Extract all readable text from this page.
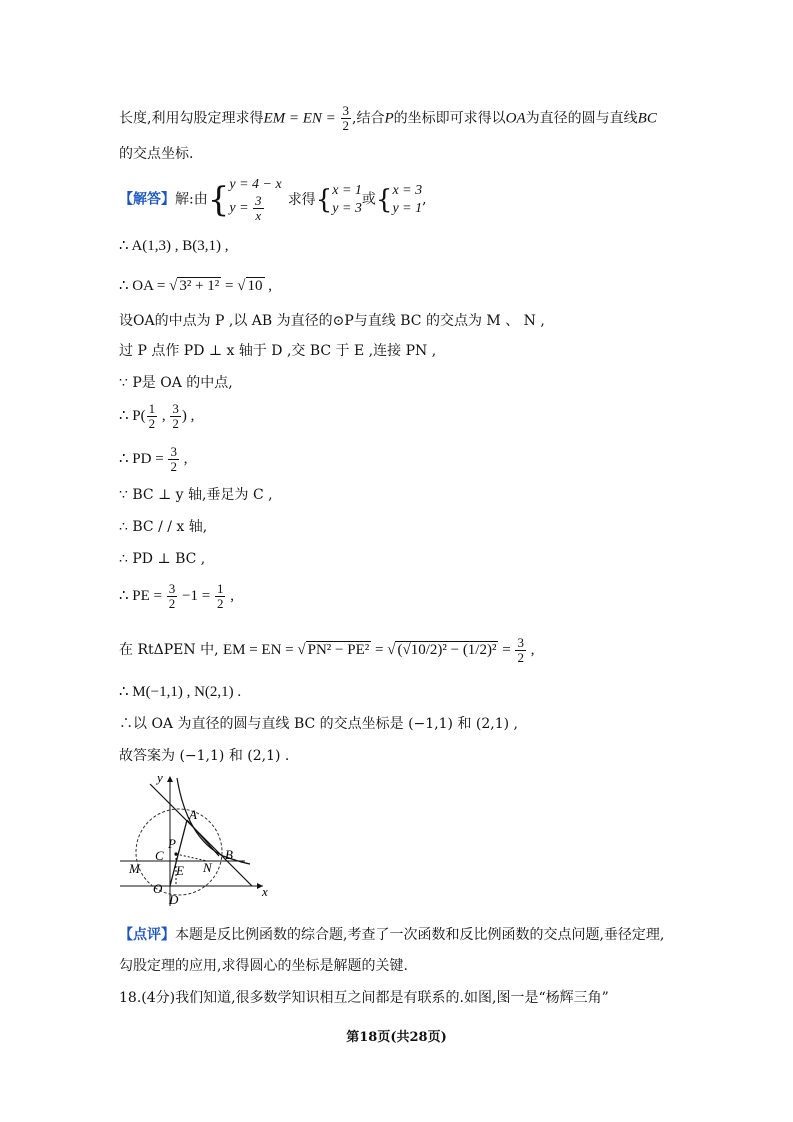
长度,利用勾股定理求得EM = EN = $\frac{3}{2}$ ,结合P的坐标即可求得以OA为直径的圆与直线BC
的交点坐标.
【解答】解:由{ y = 4 − x
$y = \frac{3}{x}$ 求得{ x = 1
y = 3
或{ x = 3
y = 1
,
∴ A(1,3) , B(3,1) ,
∴ OA = √ 3² + 1² = √ 10 ,
设OA的中点为 P ,以 AB 为直径的⊙P与直线 BC 的交点为 M 、 N ,
过 P 点作 PD ⊥ x 轴于 D ,交 BC 于 E ,连接 PN ,
∵ P是 OA 的中点,
∴ $P( \frac{1}{2}$ , $\frac{3}{2}$ ) ,
∴ PD = $\frac{3}{2}$ ,
∵ BC ⊥ y 轴,垂足为 C ,
∴ BC / / x 轴,
∴ PD ⊥ BC ,
∴ PE = $\frac{3}{2} -1 = \frac{1}{2}$ ,
在 RtΔPEN 中, EM = EN = √ PN² − PE² = √ $(√10/2)^2 - (1/2)^2 = \frac{3}{2}$ ,
∴ M(−1,1) , N(2,1) .
∴以 OA 为直径的圆与直线 BC 的交点坐标是 (−1,1) 和 (2,1) ,
故答案为 (−1,1) 和 (2,1) .
y
A
P
C	B
M	E N
O
D
x
【点评】本题是反比例函数的综合题,考查了一次函数和反比例函数的交点问题,垂径定理,
勾股定理的应用,求得圆心的坐标是解题的关键.
18.(4分)我们知道,很多数学知识相互之间都是有联系的.如图,图一是“杨辉三角”
第18页(共28页)
